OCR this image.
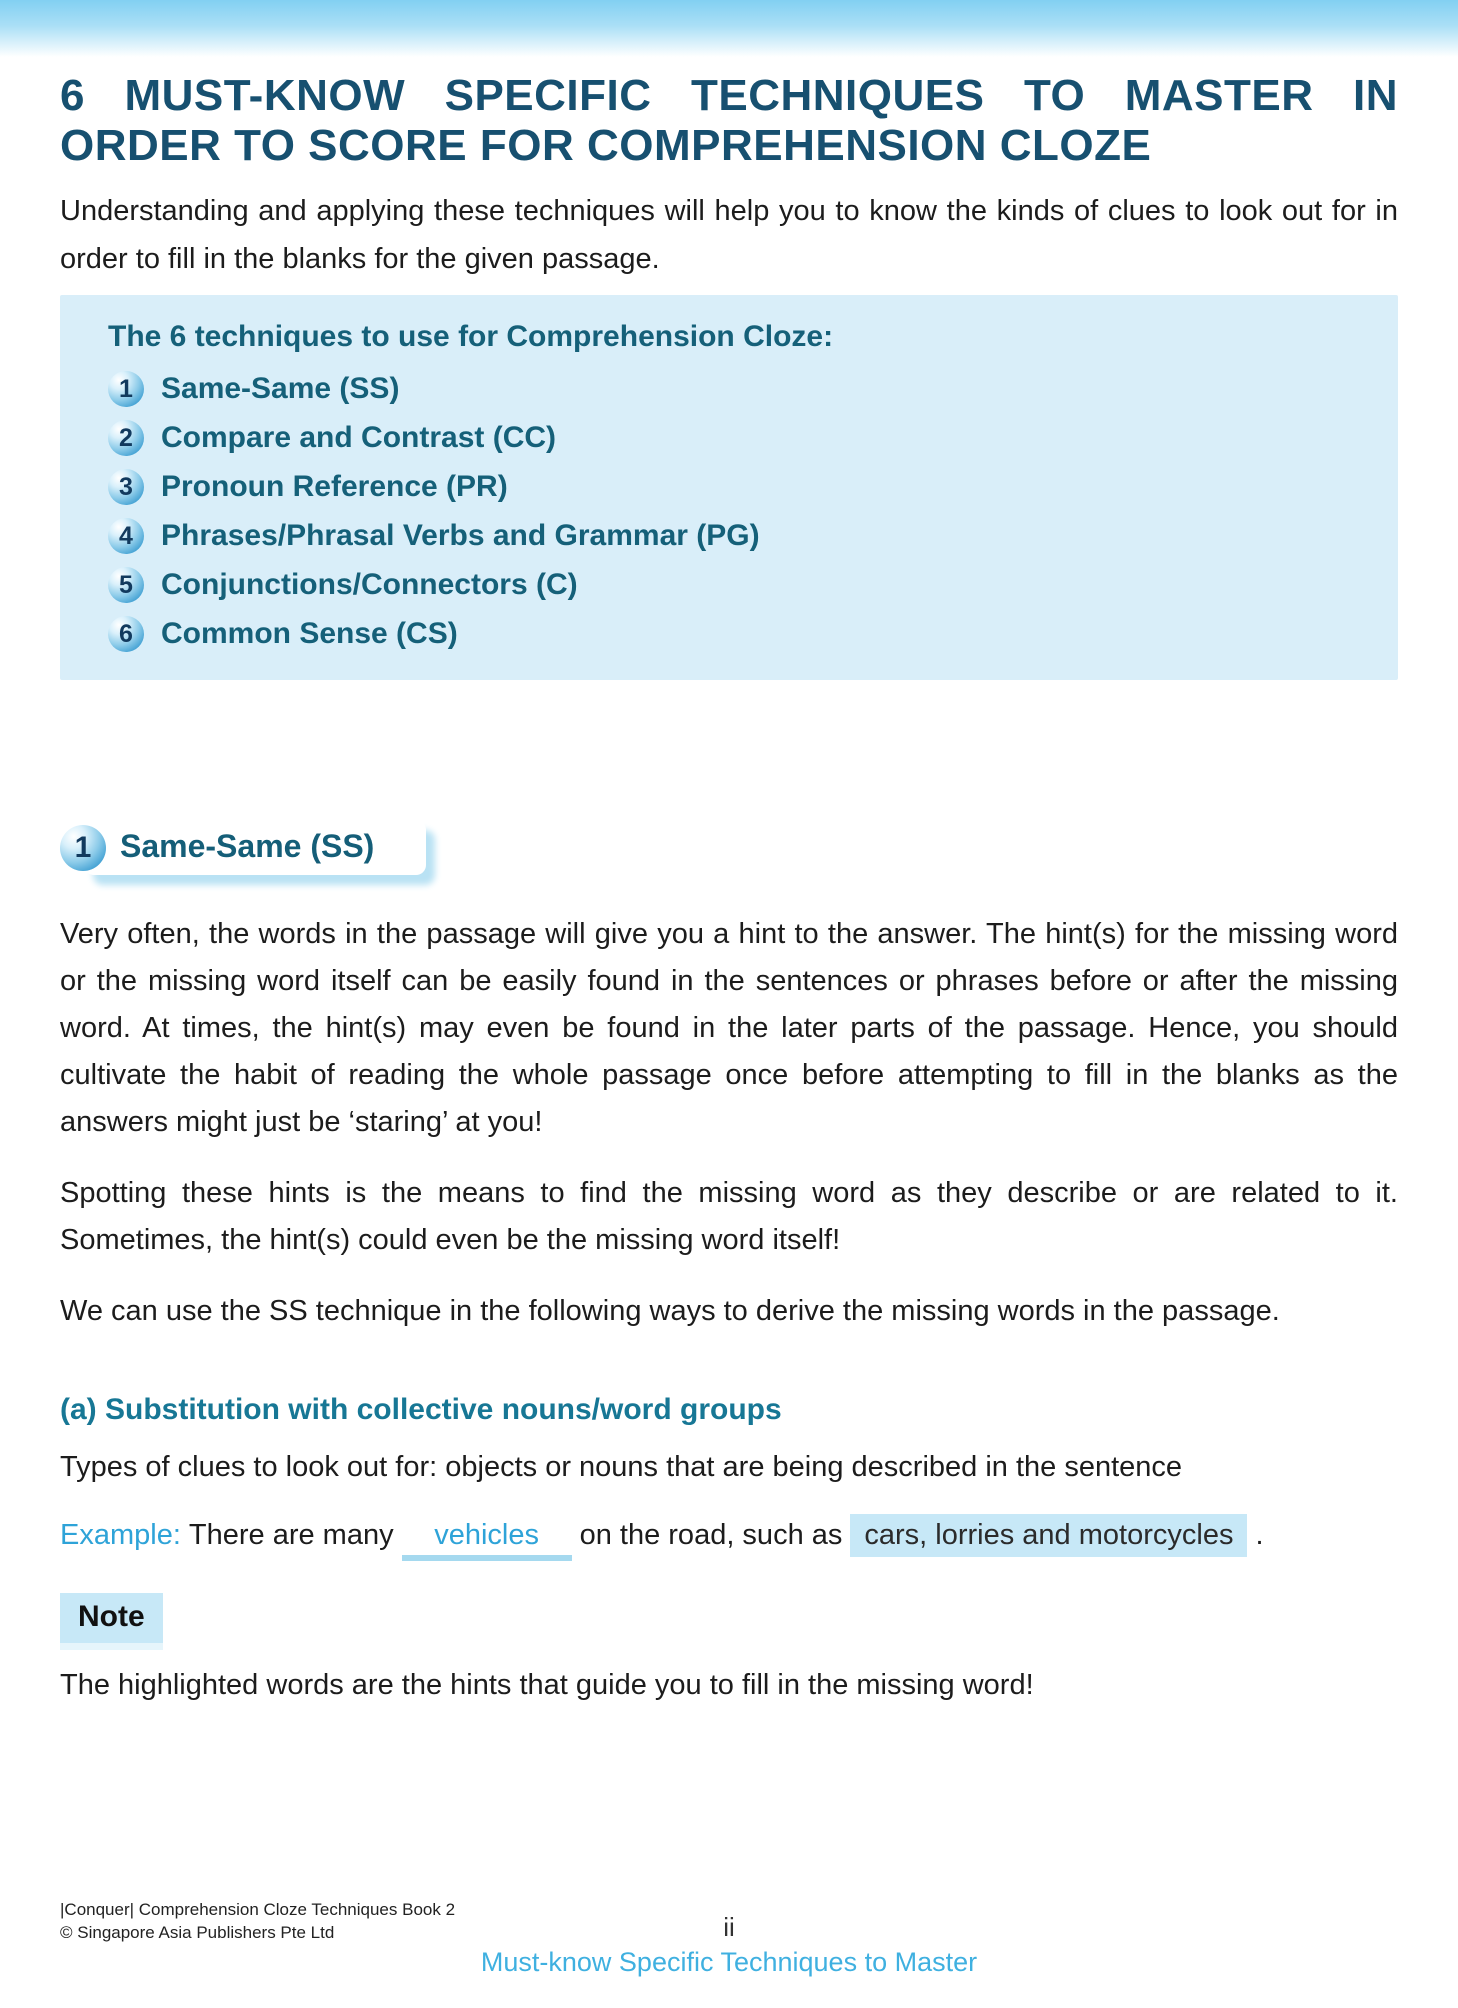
6 MUST-KNOW SPECIFIC TECHNIQUES TO MASTER IN
ORDER TO SCORE FOR COMPREHENSION CLOZE

Understanding and applying these techniques will help you to know the kinds of clues to look out for in order to fill in the blanks for the given passage.

The 6 techniques to use for Comprehension Cloze:
1 Same-Same (SS)
2 Compare and Contrast (CC)
3 Pronoun Reference (PR)
4 Phrases/Phrasal Verbs and Grammar (PG)
5 Conjunctions/Connectors (C)
6 Common Sense (CS)
1 Same-Same (SS)

Very often, the words in the passage will give you a hint to the answer. The hint(s) for the missing word or the missing word itself can be easily found in the sentences or phrases before or after the missing word. At times, the hint(s) may even be found in the later parts of the passage. Hence, you should cultivate the habit of reading the whole passage once before attempting to fill in the blanks as the answers might just be ‘staring’ at you!

Spotting these hints is the means to find the missing word as they describe or are related to it. Sometimes, the hint(s) could even be the missing word itself!

We can use the SS technique in the following ways to derive the missing words in the passage.

(a) Substitution with collective nouns/word groups
Types of clues to look out for: objects or nouns that are being described in the sentence
Example: There are many	vehicles	on the road, such as cars, lorries and motorcycles .
Note
The highlighted words are the hints that guide you to fill in the missing word!
|Conquer| Comprehension Cloze Techniques Book 2
© Singapore Asia Publishers Pte Ltd	ii
Must-know Specific Techniques to Master
